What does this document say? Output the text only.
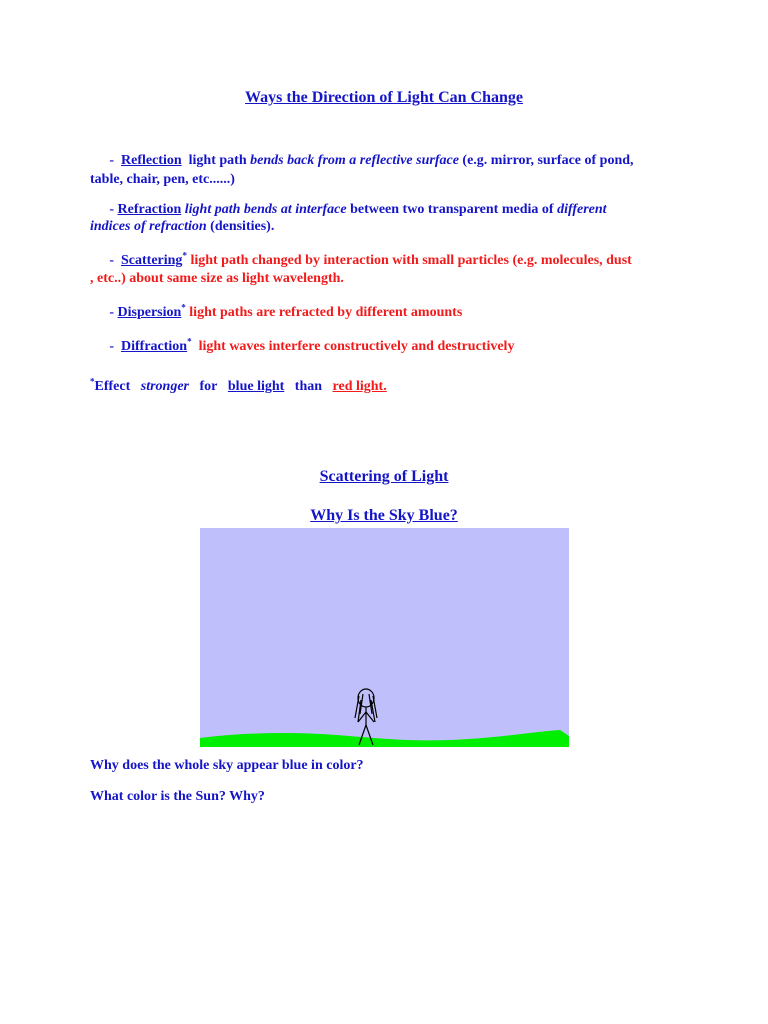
Ways the Direction of Light Can Change
- Reflection light path bends back from a reflective surface (e.g. mirror, surface of pond,
table, chair, pen, etc......)
- Refraction light path bends at interface between two transparent media of different
indices of refraction (densities).
- Scattering* light path changed by interaction with small particles (e.g. molecules, dust
, etc..) about same size as light wavelength.
- Dispersion* light paths are refracted by different amounts
- Diffraction* light waves interfere constructively and destructively
*Effect stronger for blue light than red light.
Scattering of Light
Why Is the Sky Blue?
Why does the whole sky appear blue in color?
What color is the Sun? Why?
